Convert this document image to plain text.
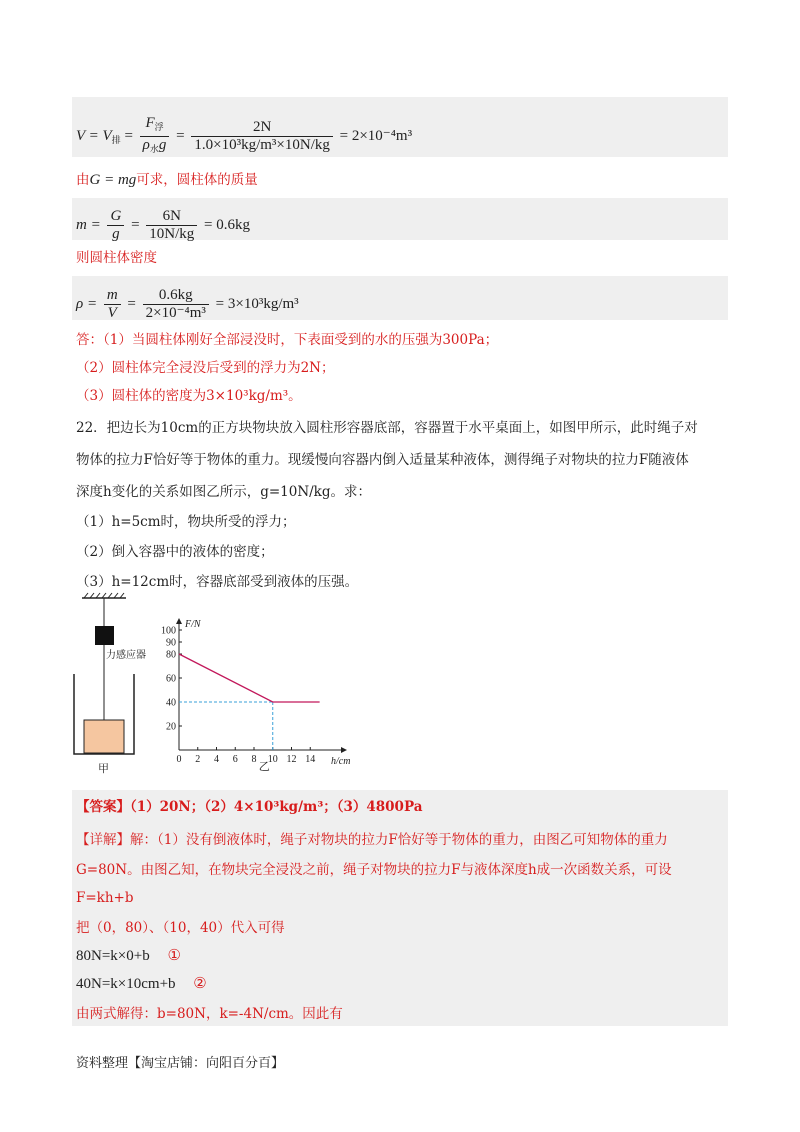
$V = V_排 = \frac{F_浮}{\rho_水g} = \frac{2N}{\text{1.0×10³kg/m³×10N/kg}} = 2\times 10^{-4}m^3$
由G = mg可求，圆柱体的质量
$m = \frac{G}{g} = \frac{6N}{10N/kg} = 0.6kg$
则圆柱体密度
$\rho = \frac{m}{V} = \frac{0.6kg}{\text{2×10⁻⁴m³}} = 3\times 10^3kg/m^3$
答：（1）当圆柱体刚好全部浸没时，下表面受到的水的压强为300Pa；
（2）圆柱体完全浸没后受到的浮力为2N；
（3）圆柱体的密度为3×10³kg/m³。
22．把边长为10cm的正方块物块放入圆柱形容器底部，容器置于水平桌面上，如图甲所示，此时绳子对
物体的拉力F恰好等于物体的重力。现缓慢向容器内倒入适量某种液体，测得绳子对物块的拉力F随液体
深度h变化的关系如图乙所示，g=10N/kg。求：
（1）h=5cm时，物块所受的浮力；
（2）倒入容器中的液体的密度；
（3）h=12cm时，容器底部受到液体的压强。
力感应器
甲
0 2 4 6 8 10 12 14
20
40
60
80
90
100
F/N
h/cm
乙
【答案】（1）20N；（2）4×10³kg/m³；（3）4800Pa
【详解】解：（1）没有倒液体时，绳子对物块的拉力F恰好等于物体的重力，由图乙可知物体的重力
G=80N。由图乙知，在物块完全浸没之前，绳子对物块的拉力F与液体深度h成一次函数关系，可设
F=kh+b
把（0，80）、（10，40）代入可得
80N=k×0+b ①
40N=k×10cm+b ②
由两式解得：b=80N，k=-4N/cm。因此有
资料整理【淘宝店铺：向阳百分百】
